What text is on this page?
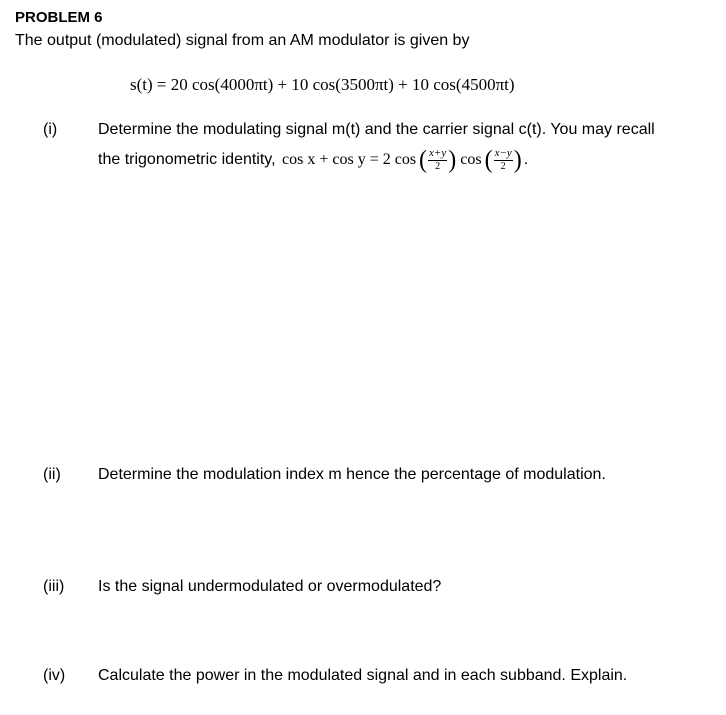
PROBLEM 6
The output (modulated) signal from an AM modulator is given by
s(t) = 20 cos(4000πt) + 10 cos(3500πt) + 10 cos(4500πt)
(i)	Determine the modulating signal m(t) and the carrier signal c(t). You may recall
the trigonometric identity, cos x + cos y = 2 cos ( $\frac{x+y}{2}$ ) cos ( $\frac{x-y}{2}$ ) .
(ii) Determine the modulation index m hence the percentage of modulation.
(iii) Is the signal undermodulated or overmodulated?
(iv) Calculate the power in the modulated signal and in each subband. Explain.
